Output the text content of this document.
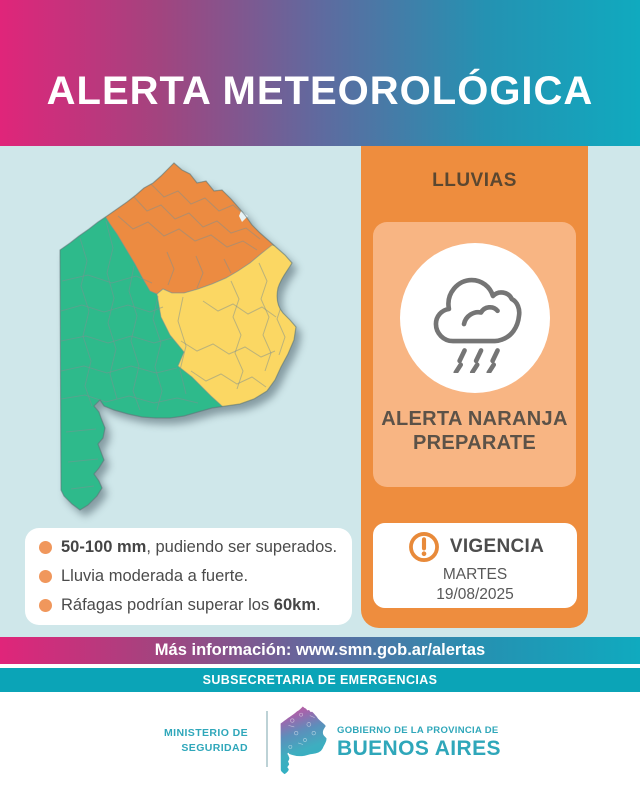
ALERTA METEOROLÓGICA
50-100 mm, pudiendo ser superados.
Lluvia moderada a fuerte.
Ráfagas podrían superar los 60km.
LLUVIAS
ALERTA NARANJA
PREPARATE
VIGENCIA
MARTES
19/08/2025
Más información: www.smn.gob.ar/alertas
SUBSECRETARIA DE EMERGENCIAS
MINISTERIO DE
SEGURIDAD
GOBIERNO DE LA PROVINCIA DE
BUENOS AIRES
